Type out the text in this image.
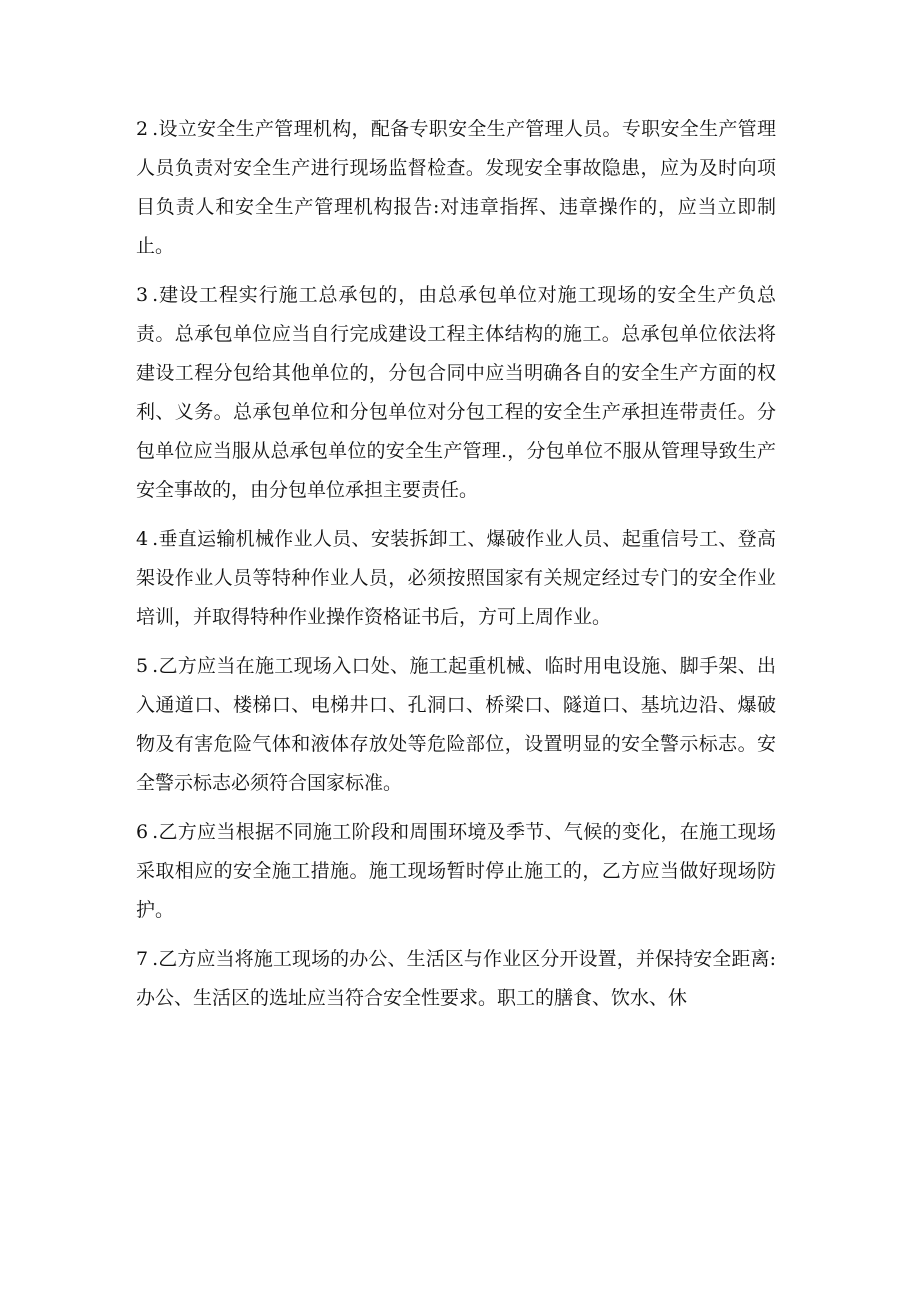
2 .设立安全生产管理机构，配备专职安全生产管理人员。专职安全生产管理人员负责对安全生产进行现场监督检查。发现安全事故隐患，应为及时向项目负责人和安全生产管理机构报告:对违章指挥、违章操作的，应当立即制止。

3 .建设工程实行施工总承包的，由总承包单位对施工现场的安全生产负总责。总承包单位应当自行完成建设工程主体结构的施工。总承包单位依法将建设工程分包给其他单位的，分包合同中应当明确各自的安全生产方面的权利、义务。总承包单位和分包单位对分包工程的安全生产承担连带责任。分包单位应当服从总承包单位的安全生产管理.，分包单位不服从管理导致生产安全事故的，由分包单位承担主要责任。

4 .垂直运输机械作业人员、安装拆卸工、爆破作业人员、起重信号工、登高架设作业人员等特种作业人员，必须按照国家有关规定经过专门的安全作业培训，并取得特种作业操作资格证书后，方可上周作业。

5 .乙方应当在施工现场入口处、施工起重机械、临时用电设施、脚手架、出入通道口、楼梯口、电梯井口、孔洞口、桥梁口、隧道口、基坑边沿、爆破物及有害危险气体和液体存放处等危险部位，设置明显的安全警示标志。安全警示标志必须符合国家标准。

6 .乙方应当根据不同施工阶段和周围环境及季节、气候的变化，在施工现场采取相应的安全施工措施。施工现场暂时停止施工的，乙方应当做好现场防护。

7 .乙方应当将施工现场的办公、生活区与作业区分开设置，并保持安全距离:办公、生活区的选址应当符合安全性要求。职工的膳食、饮水、休
